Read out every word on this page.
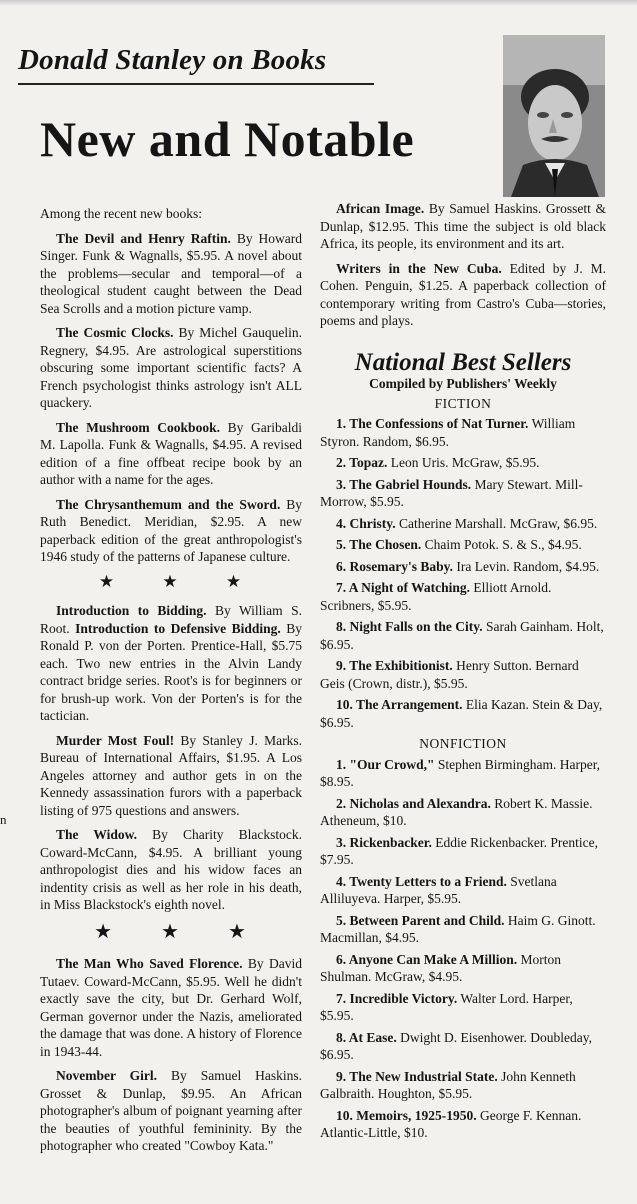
Donald Stanley on Books
New and Notable

Among the recent new books:

The Devil and Henry Raftin. By Howard Singer. Funk & Wagnalls, $5.95. A novel about the problems—secular and temporal—of a theological student caught between the Dead Sea Scrolls and a motion picture vamp.

The Cosmic Clocks. By Michel Gauquelin. Regnery, $4.95. Are astrological superstitions obscuring some important scientific facts? A French psychologist thinks astrology isn't ALL quackery.

The Mushroom Cookbook. By Garibaldi M. Lapolla. Funk & Wagnalls, $4.95. A revised edition of a fine offbeat recipe book by an author with a name for the ages.

The Chrysanthemum and the Sword. By Ruth Benedict. Meridian, $2.95. A new paperback edition of the great anthropologist's 1946 study of the patterns of Japanese culture.

★ ★ ★

Introduction to Bidding. By William S. Root. Introduction to Defensive Bidding. By Ronald P. von der Porten. Prentice-Hall, $5.75 each. Two new entries in the Alvin Landy contract bridge series. Root's is for beginners or for brush-up work. Von der Porten's is for the tactician.

Murder Most Foul! By Stanley J. Marks. Bureau of International Affairs, $1.95. A Los Angeles attorney and author gets in on the Kennedy assassination furors with a paperback listing of 975 questions and answers.

The Widow. By Charity Blackstock. Coward-McCann, $4.95. A brilliant young anthropologist dies and his widow faces an indentity crisis as well as her role in his death, in Miss Blackstock's eighth novel.

★ ★ ★

The Man Who Saved Florence. By David Tutaev. Coward-McCann, $5.95. Well he didn't exactly save the city, but Dr. Gerhard Wolf, German governor under the Nazis, ameliorated the damage that was done. A history of Florence in 1943-44.

November Girl. By Samuel Haskins. Grosset & Dunlap, $9.95. An African photographer's album of poignant yearning after the beauties of youthful femininity. By the photographer who created "Cowboy Kata."

African Image. By Samuel Haskins. Grossett & Dunlap, $12.95. This time the subject is old black Africa, its people, its environment and its art.

Writers in the New Cuba. Edited by J. M. Cohen. Penguin, $1.25. A paperback collection of contemporary writing from Castro's Cuba—stories, poems and plays.

National Best Sellers
Compiled by Publishers' Weekly
FICTION

1. The Confessions of Nat Turner. William Styron. Random, $6.95.

2. Topaz. Leon Uris. McGraw, $5.95.

3. The Gabriel Hounds. Mary Stewart. Mill-Morrow, $5.95.

4. Christy. Catherine Marshall. McGraw, $6.95.

5. The Chosen. Chaim Potok. S. & S., $4.95.

6. Rosemary's Baby. Ira Levin. Random, $4.95.

7. A Night of Watching. Elliott Arnold. Scribners, $5.95.

8. Night Falls on the City. Sarah Gainham. Holt, $6.95.

9. The Exhibitionist. Henry Sutton. Bernard Geis (Crown, distr.), $5.95.

10. The Arrangement. Elia Kazan. Stein & Day, $6.95.

NONFICTION

1. "Our Crowd," Stephen Birmingham. Harper, $8.95.

2. Nicholas and Alexandra. Robert K. Massie. Atheneum, $10.

3. Rickenbacker. Eddie Rickenbacker. Prentice, $7.95.

4. Twenty Letters to a Friend. Svetlana Alliluyeva. Harper, $5.95.

5. Between Parent and Child. Haim G. Ginott. Macmillan, $4.95.

6. Anyone Can Make A Million. Morton Shulman. McGraw, $4.95.

7. Incredible Victory. Walter Lord. Harper, $5.95.

8. At Ease. Dwight D. Eisenhower. Doubleday, $6.95.

9. The New Industrial State. John Kenneth Galbraith. Houghton, $5.95.

10. Memoirs, 1925-1950. George F. Kennan. Atlantic-Little, $10.

n
